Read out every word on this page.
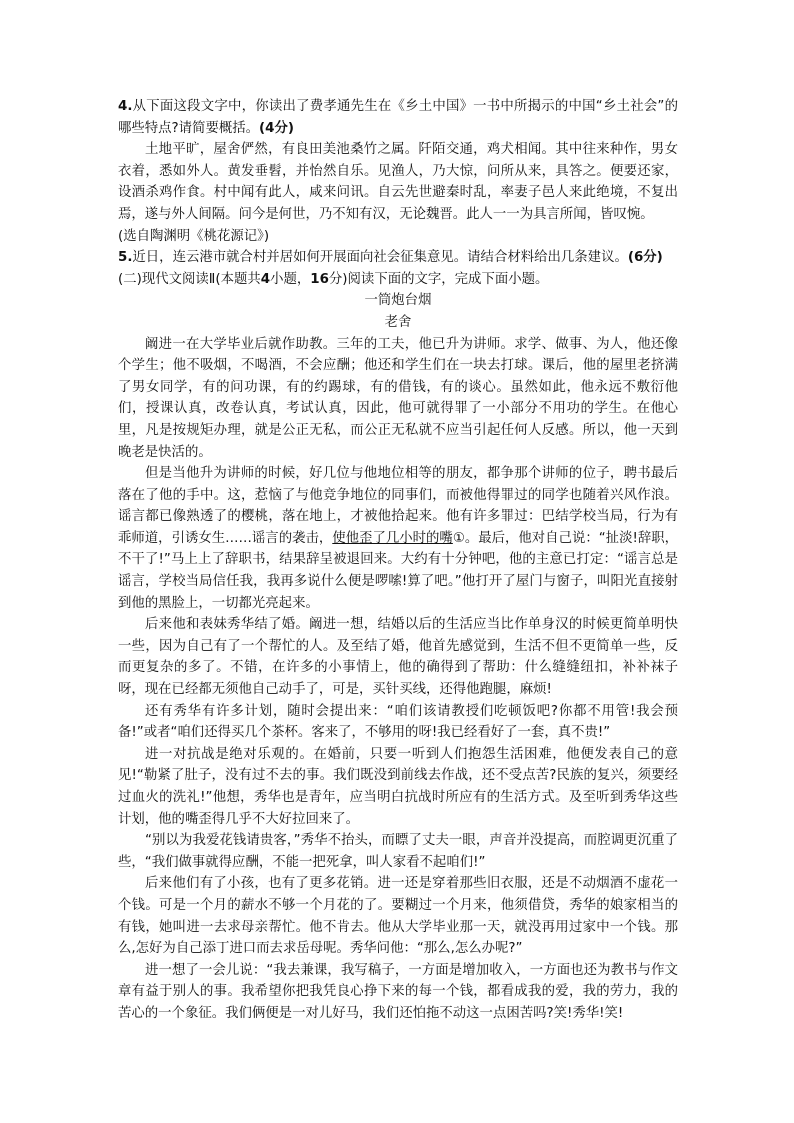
4.从下面这段文字中，你读出了费孝通先生在《乡土中国》一书中所揭示的中国“乡土社会”的哪些特点?请简要概括。(4分)

土地平旷，屋舍俨然，有良田美池桑竹之属。阡陌交通，鸡犬相闻。其中往来种作，男女衣着，悉如外人。黄发垂髫，并怡然自乐。见渔人，乃大惊，问所从来，具答之。便要还家，设酒杀鸡作食。村中闻有此人，咸来问讯。自云先世避秦时乱，率妻子邑人来此绝境，不复出焉，遂与外人间隔。问今是何世，乃不知有汉，无论魏晋。此人一一为具言所闻，皆叹惋。

(选自陶渊明《桃花源记》)

5.近日，连云港市就合村并居如何开展面向社会征集意见。请结合材料给出几条建议。(6分)

(二)现代文阅读Ⅱ(本题共4小题，16分)阅读下面的文字，完成下面小题。

一筒炮台烟

老舍

阚进一在大学毕业后就作助教。三年的工夫，他已升为讲师。求学、做事、为人，他还像个学生；他不吸烟，不喝酒，不会应酬；他还和学生们在一块去打球。课后，他的屋里老挤满了男女同学，有的问功课，有的约踢球，有的借钱，有的谈心。虽然如此，他永远不敷衍他们，授课认真，改卷认真，考试认真，因此，他可就得罪了一小部分不用功的学生。在他心里，凡是按规矩办理，就是公正无私，而公正无私就不应当引起任何人反感。所以，他一天到晚老是快活的。

但是当他升为讲师的时候，好几位与他地位相等的朋友，都争那个讲师的位子，聘书最后落在了他的手中。这，惹恼了与他竞争地位的同事们，而被他得罪过的同学也随着兴风作浪。谣言都已像熟透了的樱桃，落在地上，才被他拾起来。他有许多罪过：巴结学校当局，行为有乖师道，引诱女生……谣言的袭击，使他歪了几小时的嘴①。最后，他对自己说：“扯淡!辞职，不干了!”马上上了辞职书，结果辞呈被退回来。大约有十分钟吧，他的主意已打定：“谣言总是谣言，学校当局信任我，我再多说什么便是啰嗦!算了吧。”他打开了屋门与窗子，叫阳光直接射到他的黑脸上，一切都光亮起来。

后来他和表妹秀华结了婚。阚进一想，结婚以后的生活应当比作单身汉的时候更简单明快一些，因为自己有了一个帮忙的人。及至结了婚，他首先感觉到，生活不但不更简单一些，反而更复杂的多了。不错，在许多的小事情上，他的确得到了帮助：什么缝缝纽扣，补补袜子呀，现在已经都无须他自己动手了，可是，买针买线，还得他跑腿，麻烦!

还有秀华有许多计划，随时会提出来：“咱们该请教授们吃顿饭吧?你都不用管!我会预备!”或者“咱们还得买几个茶杯。客来了，不够用的呀!我已经看好了一套，真不贵!”

进一对抗战是绝对乐观的。在婚前，只要一听到人们抱怨生活困难，他便发表自己的意见!“勒紧了肚子，没有过不去的事。我们既没到前线去作战，还不受点苦?民族的复兴，须要经过血火的洗礼!”他想，秀华也是青年，应当明白抗战时所应有的生活方式。及至听到秀华这些计划，他的嘴歪得几乎不大好拉回来了。

“别以为我爱花钱请贵客，”秀华不抬头，而瞟了丈夫一眼，声音并没提高，而腔调更沉重了些，“我们做事就得应酬，不能一把死拿，叫人家看不起咱们!”

后来他们有了小孩，也有了更多花销。进一还是穿着那些旧衣服，还是不动烟酒不虚花一个钱。可是一个月的薪水不够一个月花的了。要糊过一个月来，他须借贷，秀华的娘家相当的有钱，她叫进一去求母亲帮忙。他不肯去。他从大学毕业那一天，就没再用过家中一个钱。那么,怎好为自己添丁进口而去求岳母呢。秀华问他：“那么,怎么办呢?”

进一想了一会儿说：“我去兼课，我写稿子，一方面是增加收入，一方面也还为教书与作文章有益于别人的事。我希望你把我凭良心挣下来的每一个钱，都看成我的爱，我的劳力，我的苦心的一个象征。我们俩便是一对儿好马，我们还怕拖不动这一点困苦吗?笑!秀华!笑!
